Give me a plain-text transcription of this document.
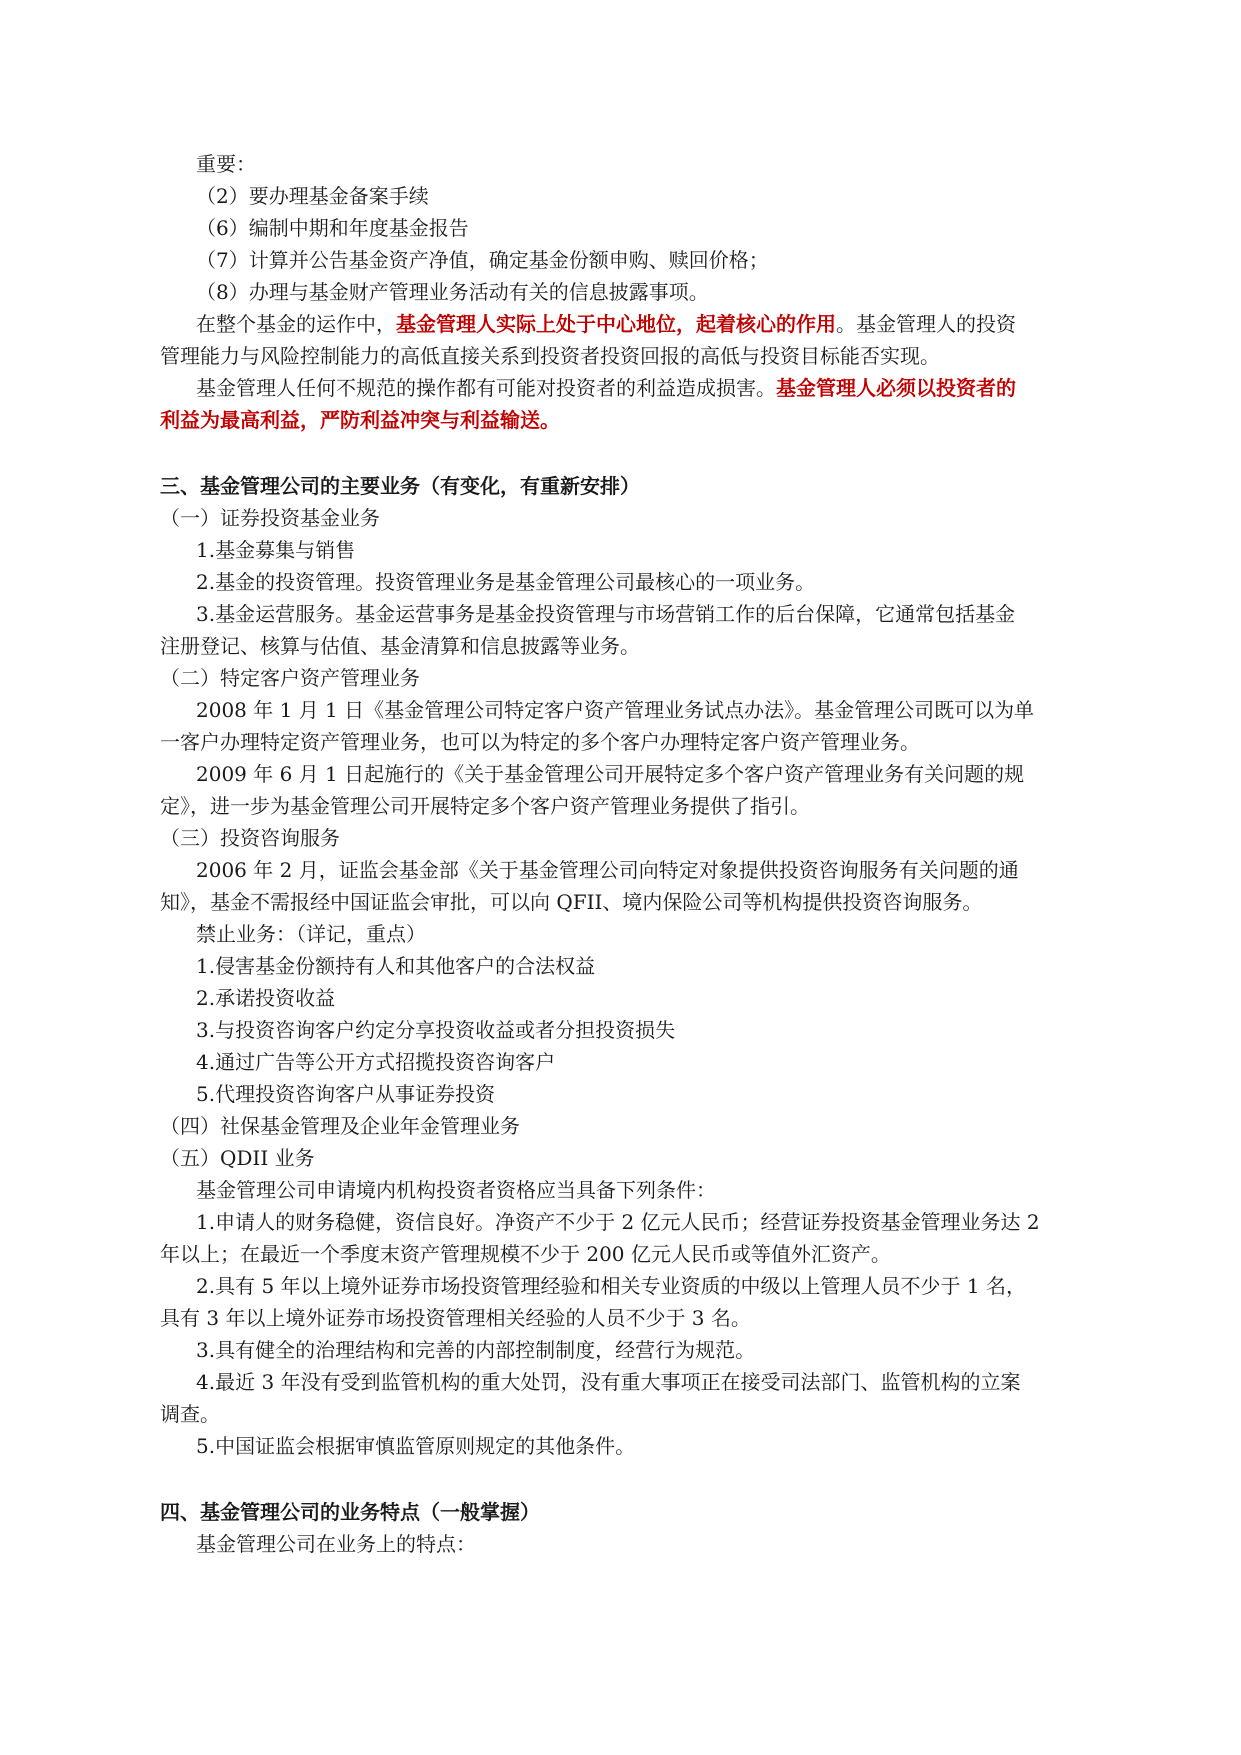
重要：
（2）要办理基金备案手续
（6）编制中期和年度基金报告
（7）计算并公告基金资产净值，确定基金份额申购、赎回价格；
（8）办理与基金财产管理业务活动有关的信息披露事项。
在整个基金的运作中，基金管理人实际上处于中心地位，起着核心的作用。基金管理人的投资
管理能力与风险控制能力的高低直接关系到投资者投资回报的高低与投资目标能否实现。
基金管理人任何不规范的操作都有可能对投资者的利益造成损害。基金管理人必须以投资者的
利益为最高利益，严防利益冲突与利益输送。
三、基金管理公司的主要业务（有变化，有重新安排）
（一）证券投资基金业务
1.基金募集与销售
2.基金的投资管理。投资管理业务是基金管理公司最核心的一项业务。
3.基金运营服务。基金运营事务是基金投资管理与市场营销工作的后台保障，它通常包括基金
注册登记、核算与估值、基金清算和信息披露等业务。
（二）特定客户资产管理业务
2008 年 1 月 1 日《基金管理公司特定客户资产管理业务试点办法》。基金管理公司既可以为单
一客户办理特定资产管理业务，也可以为特定的多个客户办理特定客户资产管理业务。
2009 年 6 月 1 日起施行的《关于基金管理公司开展特定多个客户资产管理业务有关问题的规
定》，进一步为基金管理公司开展特定多个客户资产管理业务提供了指引。
（三）投资咨询服务
2006 年 2 月，证监会基金部《关于基金管理公司向特定对象提供投资咨询服务有关问题的通
知》，基金不需报经中国证监会审批，可以向 QFII、境内保险公司等机构提供投资咨询服务。
禁止业务：（详记，重点）
1.侵害基金份额持有人和其他客户的合法权益
2.承诺投资收益
3.与投资咨询客户约定分享投资收益或者分担投资损失
4.通过广告等公开方式招揽投资咨询客户
5.代理投资咨询客户从事证券投资
（四）社保基金管理及企业年金管理业务
（五）QDII 业务
基金管理公司申请境内机构投资者资格应当具备下列条件：
1.申请人的财务稳健，资信良好。净资产不少于 2 亿元人民币；经营证券投资基金管理业务达 2
年以上；在最近一个季度末资产管理规模不少于 200 亿元人民币或等值外汇资产。
2.具有 5 年以上境外证券市场投资管理经验和相关专业资质的中级以上管理人员不少于 1 名，
具有 3 年以上境外证券市场投资管理相关经验的人员不少于 3 名。
3.具有健全的治理结构和完善的内部控制制度，经营行为规范。
4.最近 3 年没有受到监管机构的重大处罚，没有重大事项正在接受司法部门、监管机构的立案
调查。
5.中国证监会根据审慎监管原则规定的其他条件。
四、基金管理公司的业务特点（一般掌握）
基金管理公司在业务上的特点：
